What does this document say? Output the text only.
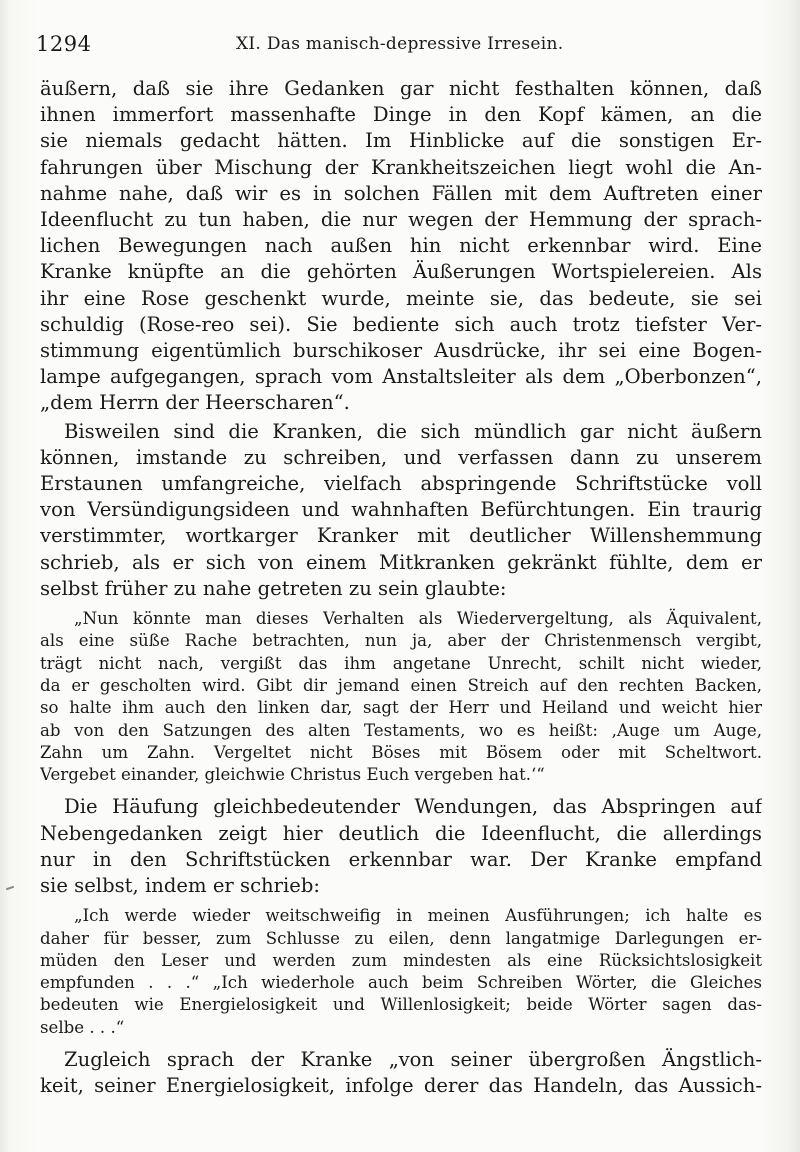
1294	XI. Das manisch-depressive Irresein.

äußern, daß sie ihre Gedanken gar nicht festhalten können, daß
ihnen immerfort massenhafte Dinge in den Kopf kämen, an die
sie niemals gedacht hätten. Im Hinblicke auf die sonstigen Er-
fahrungen über Mischung der Krankheitszeichen liegt wohl die An-
nahme nahe, daß wir es in solchen Fällen mit dem Auftreten einer
Ideenflucht zu tun haben, die nur wegen der Hemmung der sprach-
lichen Bewegungen nach außen hin nicht erkennbar wird. Eine
Kranke knüpfte an die gehörten Äußerungen Wortspielereien. Als
ihr eine Rose geschenkt wurde, meinte sie, das bedeute, sie sei
schuldig (Rose-reo sei). Sie bediente sich auch trotz tiefster Ver-
stimmung eigentümlich burschikoser Ausdrücke, ihr sei eine Bogen-
lampe aufgegangen, sprach vom Anstaltsleiter als dem „Oberbonzen“,
„dem Herrn der Heerscharen“.

Bisweilen sind die Kranken, die sich mündlich gar nicht äußern
können, imstande zu schreiben, und verfassen dann zu unserem
Erstaunen umfangreiche, vielfach abspringende Schriftstücke voll
von Versündigungsideen und wahnhaften Befürchtungen. Ein traurig
verstimmter, wortkarger Kranker mit deutlicher Willenshemmung
schrieb, als er sich von einem Mitkranken gekränkt fühlte, dem er
selbst früher zu nahe getreten zu sein glaubte:

„Nun könnte man dieses Verhalten als Wiedervergeltung, als Äquivalent,
als eine süße Rache betrachten, nun ja, aber der Christenmensch vergibt,
trägt nicht nach, vergißt das ihm angetane Unrecht, schilt nicht wieder,
da er gescholten wird. Gibt dir jemand einen Streich auf den rechten Backen,
so halte ihm auch den linken dar, sagt der Herr und Heiland und weicht hier
ab von den Satzungen des alten Testaments, wo es heißt: ‚Auge um Auge,
Zahn um Zahn. Vergeltet nicht Böses mit Bösem oder mit Scheltwort.
Vergebet einander, gleichwie Christus Euch vergeben hat.‘“

Die Häufung gleichbedeutender Wendungen, das Abspringen auf
Nebengedanken zeigt hier deutlich die Ideenflucht, die allerdings
nur in den Schriftstücken erkennbar war. Der Kranke empfand
sie selbst, indem er schrieb:

„Ich werde wieder weitschweifig in meinen Ausführungen; ich halte es
daher für besser, zum Schlusse zu eilen, denn langatmige Darlegungen er-
müden den Leser und werden zum mindesten als eine Rücksichtslosigkeit
empfunden . . .“ „Ich wiederhole auch beim Schreiben Wörter, die Gleiches
bedeuten wie Energielosigkeit und Willenlosigkeit; beide Wörter sagen das-
selbe . . .“

Zugleich sprach der Kranke „von seiner übergroßen Ängstlich-
keit, seiner Energielosigkeit, infolge derer das Handeln, das Aussich-
